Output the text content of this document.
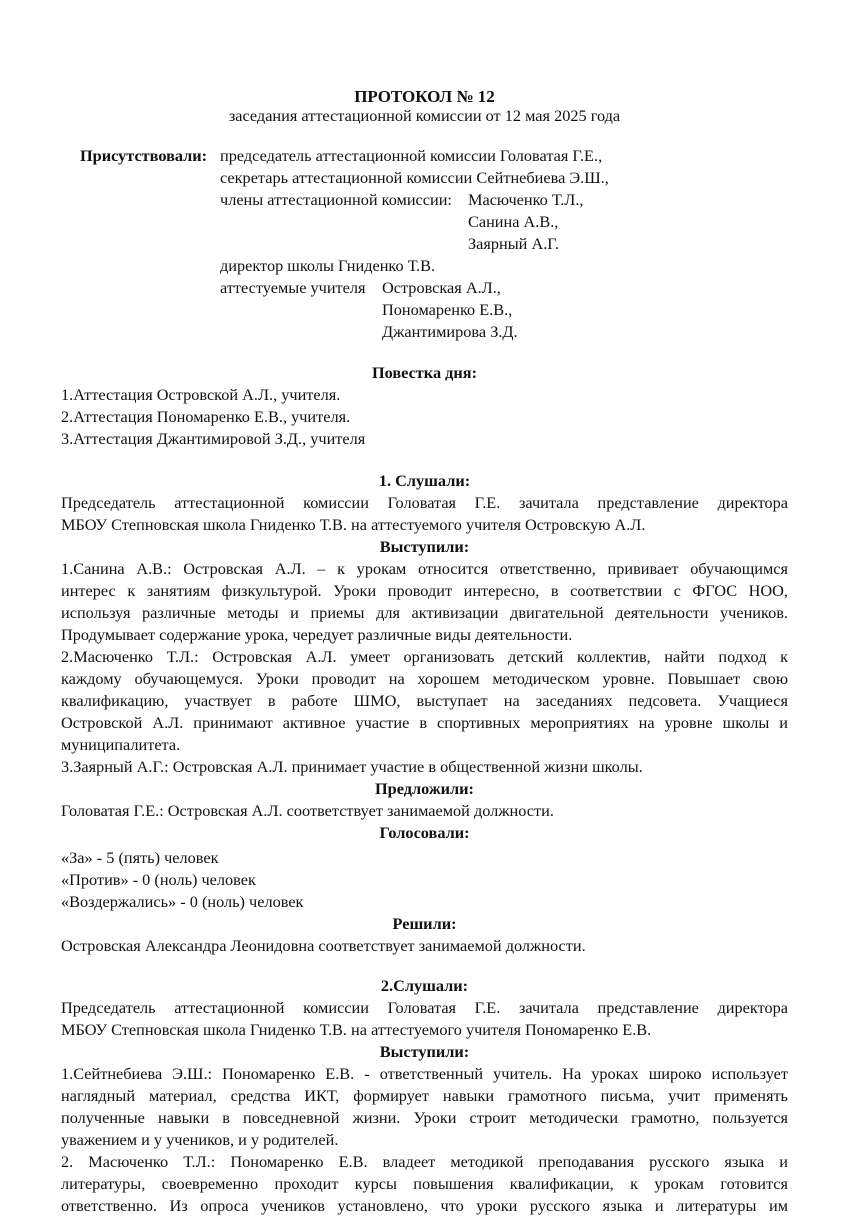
ПРОТОКОЛ № 12
заседания аттестационной комиссии от 12 мая 2025 года
Присутствовали: председатель аттестационной комиссии Головатая Г.Е.,
секретарь аттестационной комиссии Сейтнебиева Э.Ш.,
члены аттестационной комиссии: Масюченко Т.Л.,
Санина А.В.,
Заярный А.Г.
директор школы Гниденко Т.В.
аттестуемые учителя Островская А.Л.,
Пономаренко Е.В.,
Джантимирова З.Д.
Повестка дня:
1.Аттестация Островской А.Л., учителя.
2.Аттестация Пономаренко Е.В., учителя.
3.Аттестация Джантимировой З.Д., учителя
1. Слушали:
Председатель аттестационной комиссии Головатая Г.Е. зачитала представление директора
МБОУ Степновская школа Гниденко Т.В. на аттестуемого учителя Островскую А.Л.
Выступили:
1.Санина А.В.: Островская А.Л. – к урокам относится ответственно, прививает обучающимся
интерес к занятиям физкультурой. Уроки проводит интересно, в соответствии с ФГОС НОО,
используя различные методы и приемы для активизации двигательной деятельности учеников.
Продумывает содержание урока, чередует различные виды деятельности.
2.Масюченко Т.Л.: Островская А.Л. умеет организовать детский коллектив, найти подход к
каждому обучающемуся. Уроки проводит на хорошем методическом уровне. Повышает свою
квалификацию, участвует в работе ШМО, выступает на заседаниях педсовета. Учащиеся
Островской А.Л. принимают активное участие в спортивных мероприятиях на уровне школы и
муниципалитета.
3.Заярный А.Г.: Островская А.Л. принимает участие в общественной жизни школы.
Предложили:
Головатая Г.Е.: Островская А.Л. соответствует занимаемой должности.
Голосовали:
«За» - 5 (пять) человек
«Против» - 0 (ноль) человек
«Воздержались» - 0 (ноль) человек
Решили:
Островская Александра Леонидовна соответствует занимаемой должности.
2.Слушали:
Председатель аттестационной комиссии Головатая Г.Е. зачитала представление директора
МБОУ Степновская школа Гниденко Т.В. на аттестуемого учителя Пономаренко Е.В.
Выступили:
1.Сейтнебиева Э.Ш.: Пономаренко Е.В. - ответственный учитель. На уроках широко использует
наглядный материал, средства ИКТ, формирует навыки грамотного письма, учит применять
полученные навыки в повседневной жизни. Уроки строит методически грамотно, пользуется
уважением и у учеников, и у родителей.
2. Масюченко Т.Л.: Пономаренко Е.В. владеет методикой преподавания русского языка и
литературы, своевременно проходит курсы повышения квалификации, к урокам готовится
ответственно. Из опроса учеников установлено, что уроки русского языка и литературы им
